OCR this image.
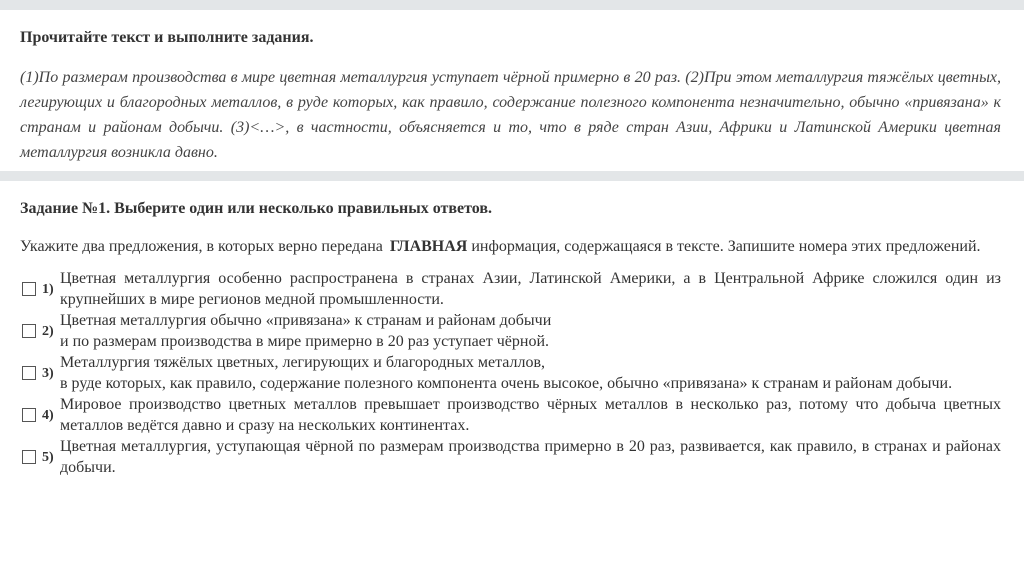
Прочитайте текст и выполните задания.
(1)По размерам производства в мире цветная металлургия уступает чёрной примерно в 20 раз. (2)При этом металлургия тяжёлых цветных, легирующих и благородных металлов, в руде которых, как правило, содержание полезного компонента незначительно, обычно «привязана» к странам и районам добычи. (3)<…>, в частности, объясняется и то, что в ряде стран Азии, Африки и Латинской Америки цветная металлургия возникла давно.
Задание №1. Выберите один или несколько правильных ответов.
Укажите два предложения, в которых верно передана ГЛАВНАЯ информация, содержащаяся в тексте. Запишите номера этих предложений.
1)
Цветная металлургия особенно распространена в странах Азии, Латинской Америки, а в Центральной Африке сложился один из крупнейших в мире регионов медной промышленности.
2)
Цветная металлургия обычно «привязана» к странам и районам добычи
и по размерам производства в мире примерно в 20 раз уступает чёрной.
3)
Металлургия тяжёлых цветных, легирующих и благородных металлов,
в руде которых, как правило, содержание полезного компонента очень высокое, обычно «привязана» к странам и районам добычи.
4)
Мировое производство цветных металлов превышает производство чёрных металлов в несколько раз, потому что добыча цветных металлов ведётся давно и сразу на нескольких континентах.
5)
Цветная металлургия, уступающая чёрной по размерам производства примерно в 20 раз, развивается, как правило, в странах и районах добычи.
